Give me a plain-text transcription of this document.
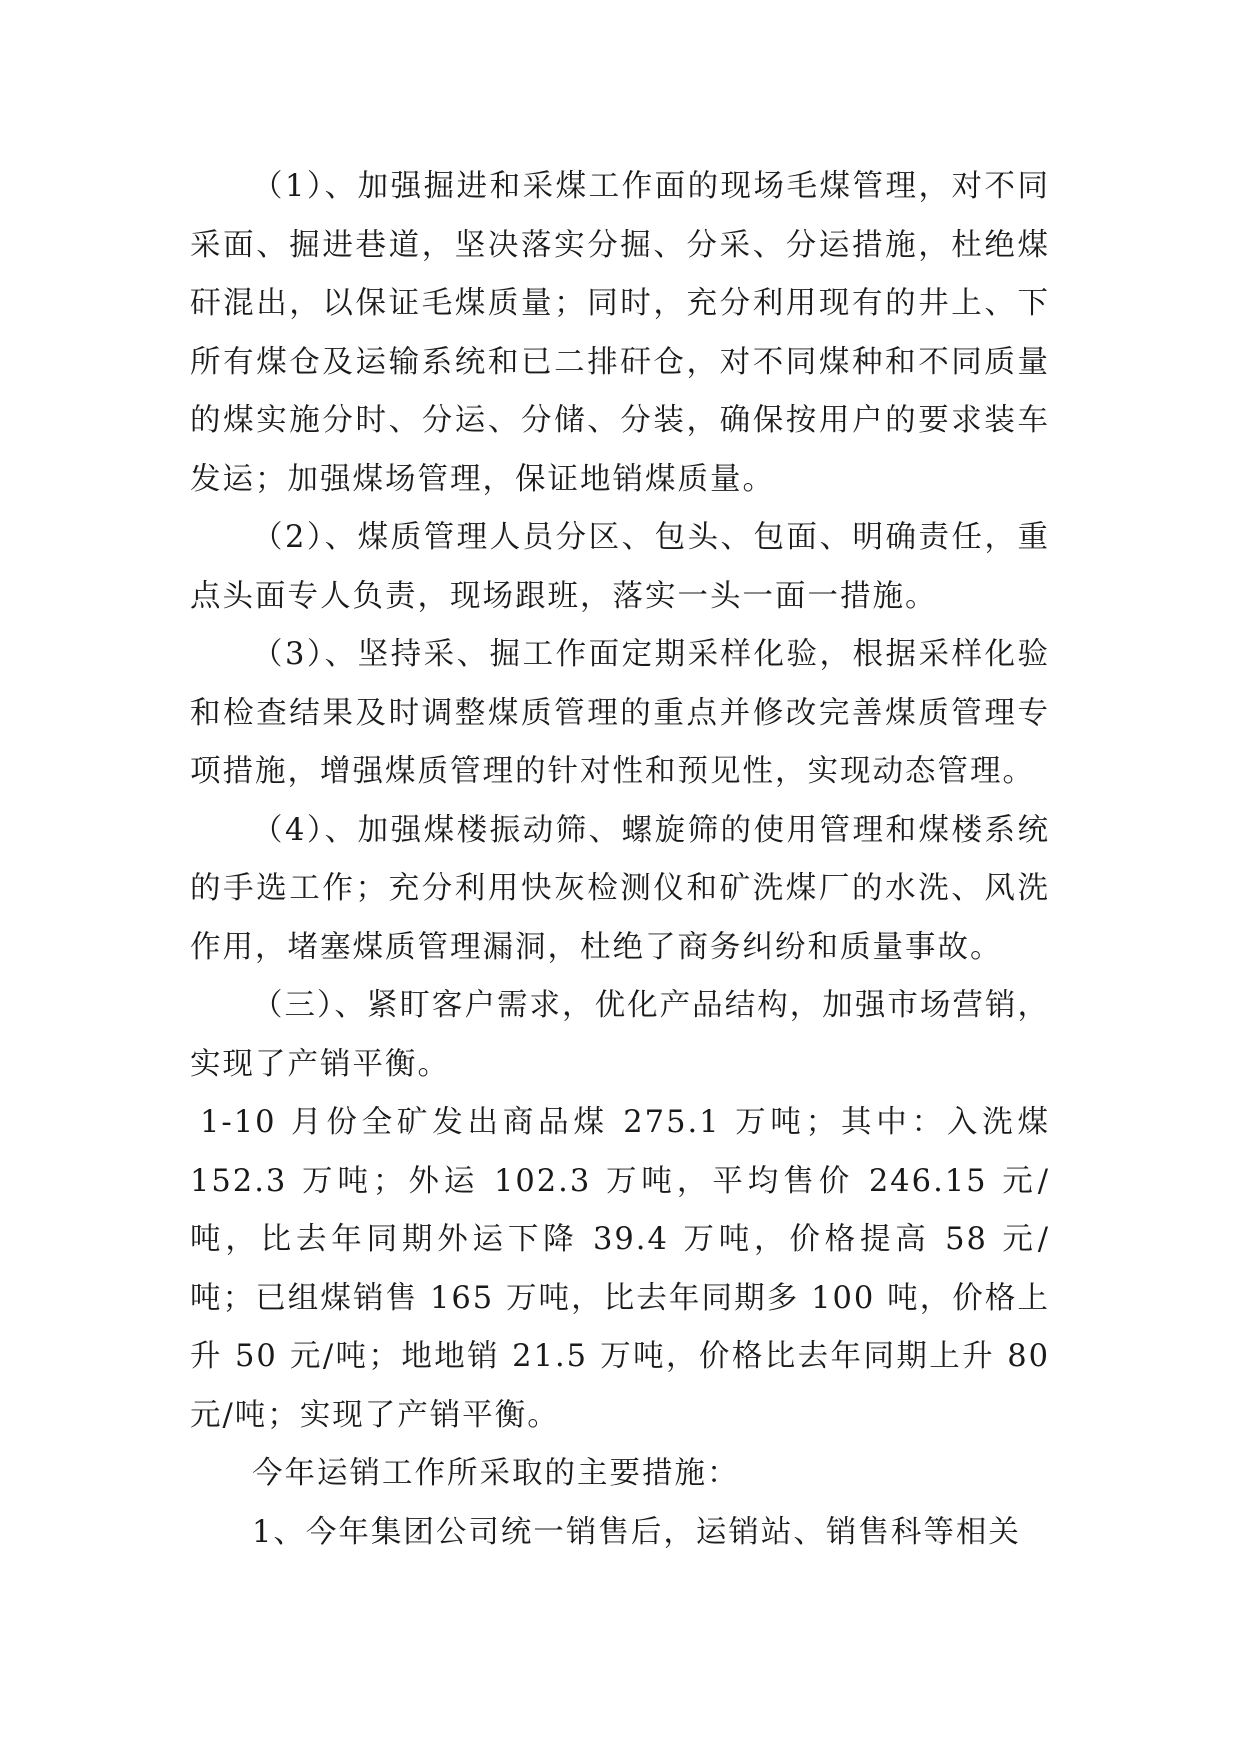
（1）、加强掘进和采煤工作面的现场毛煤管理，对不同采面、掘进巷道，坚决落实分掘、分采、分运措施，杜绝煤矸混出，以保证毛煤质量；同时，充分利用现有的井上、下所有煤仓及运输系统和已二排矸仓，对不同煤种和不同质量的煤实施分时、分运、分储、分装，确保按用户的要求装车发运；加强煤场管理，保证地销煤质量。

（2）、煤质管理人员分区、包头、包面、明确责任，重点头面专人负责，现场跟班，落实一头一面一措施。

（3）、坚持采、掘工作面定期采样化验，根据采样化验和检查结果及时调整煤质管理的重点并修改完善煤质管理专项措施，增强煤质管理的针对性和预见性，实现动态管理。

（4）、加强煤楼振动筛、螺旋筛的使用管理和煤楼系统的手选工作；充分利用快灰检测仪和矿洗煤厂的水洗、风洗作用，堵塞煤质管理漏洞，杜绝了商务纠纷和质量事故。

（三）、紧盯客户需求，优化产品结构，加强市场营销，实现了产销平衡。

1-10 月份全矿发出商品煤 275.1 万吨；其中：入洗煤 152.3 万吨；外运 102.3 万吨，平均售价 246.15 元/吨，比去年同期外运下降 39.4 万吨，价格提高 58 元/吨；已组煤销售 165 万吨，比去年同期多 100 吨，价格上升 50 元/吨；地地销 21.5 万吨，价格比去年同期上升 80 元/吨；实现了产销平衡。

今年运销工作所采取的主要措施：

1、今年集团公司统一销售后，运销站、销售科等相关
